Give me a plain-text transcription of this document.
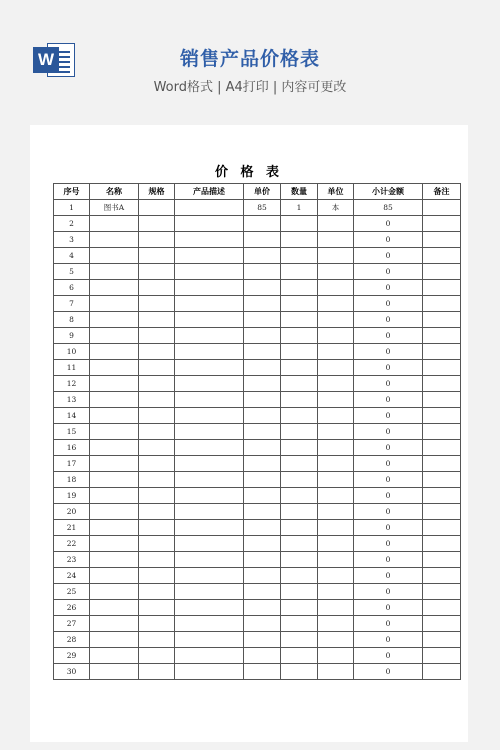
W	销售产品价格表
Word格式 | A4打印 | 内容可更改
价 格 表
序号	名称	规格	产品描述	单价	数量	单位	小计金额	备注
1	图书A			85	1	本	85	
2							0	
3							0	
4							0	
5							0	
6							0	
7							0	
8							0	
9							0	
10							0	
11							0	
12							0	
13							0	
14							0	
15							0	
16							0	
17							0	
18							0	
19							0	
20							0	
21							0	
22							0	
23							0	
24							0	
25							0	
26							0	
27							0	
28							0	
29							0	
30							0	
